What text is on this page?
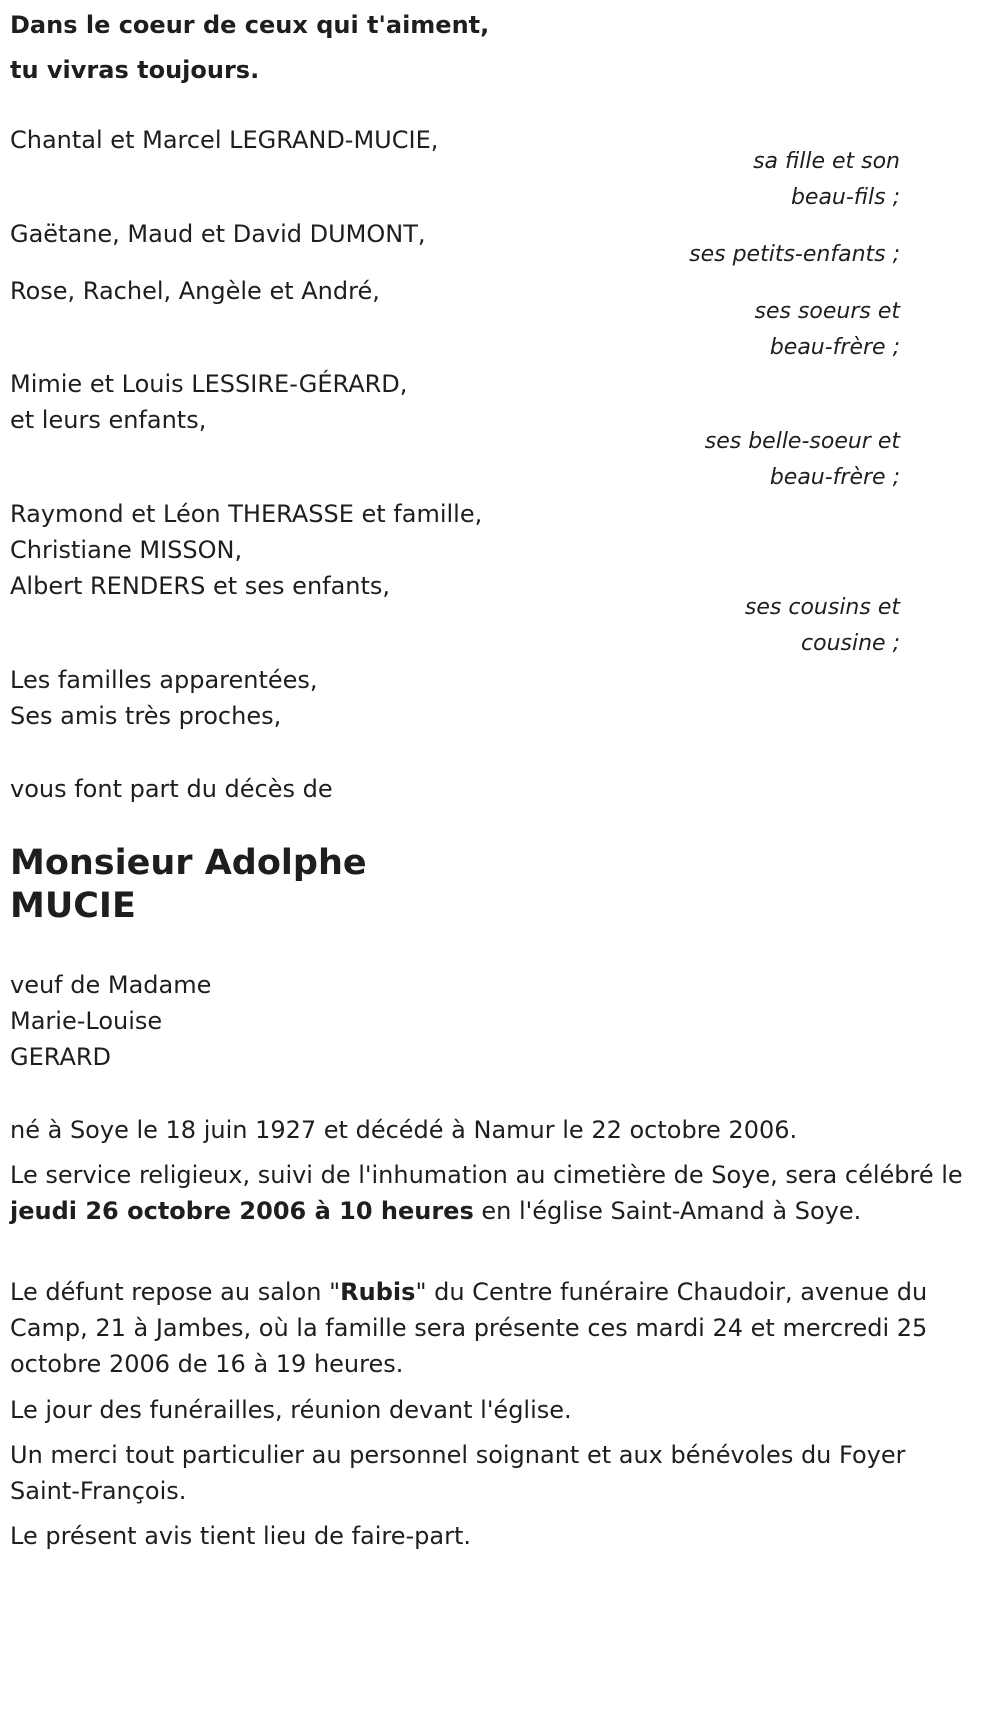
Dans le coeur de ceux qui t'aiment,
tu vivras toujours.
Chantal et Marcel LEGRAND-MUCIE,
sa fille et son
beau-fils ;
Gaëtane, Maud et David DUMONT,
ses petits-enfants ;
Rose, Rachel, Angèle et André,
ses soeurs et
beau-frère ;
Mimie et Louis LESSIRE-GÉRARD,
et leurs enfants,
ses belle-soeur et
beau-frère ;
Raymond et Léon THERASSE et famille,
Christiane MISSON,
Albert RENDERS et ses enfants,
ses cousins et
cousine ;
Les familles apparentées,
Ses amis très proches,
vous font part du décès de
Monsieur Adolphe
MUCIE
veuf de Madame
Marie-Louise
GERARD

né à Soye le 18 juin 1927 et décédé à Namur le 22 octobre 2006.

Le service religieux, suivi de l'inhumation au cimetière de Soye, sera célébré le jeudi 26 octobre 2006 à 10 heures en l'église Saint-Amand à Soye.

Le défunt repose au salon "Rubis" du Centre funéraire Chaudoir, avenue du Camp, 21 à Jambes, où la famille sera présente ces mardi 24 et mercredi 25 octobre 2006 de 16 à 19 heures.

Le jour des funérailles, réunion devant l'église.

Un merci tout particulier au personnel soignant et aux bénévoles du Foyer Saint-François.

Le présent avis tient lieu de faire-part.
